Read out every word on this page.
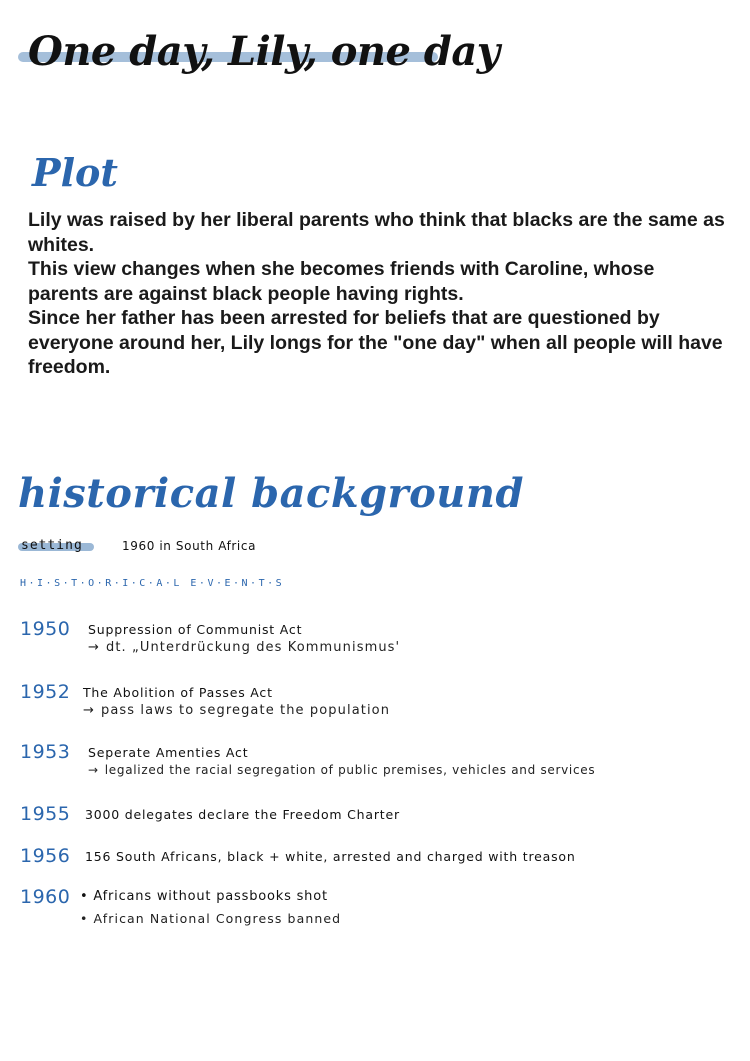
One day, Lily, one day
Plot

Lily was raised by her liberal parents who think that blacks are the same as whites.

This view changes when she becomes friends with Caroline, whose parents are against black people having rights.

Since her father has been arrested for beliefs that are questioned by everyone around her, Lily longs for the "one day" when all people will have freedom.

historical background
setting	1960 in South Africa
H·I·S·T·O·R·I·C·A·L E·V·E·N·T·S
1950 Suppression of Communist Act
→ dt. „Unterdrückung des Kommunismus'
1952 The Abolition of Passes Act
→ pass laws to segregate the population
1953 Seperate Amenties Act
→ legalized the racial segregation of public premises, vehicles and services
1955 3000 delegates declare the Freedom Charter
1956 156 South Africans, black + white, arrested and charged with treason
1960 • Africans without passbooks shot
• African National Congress banned
